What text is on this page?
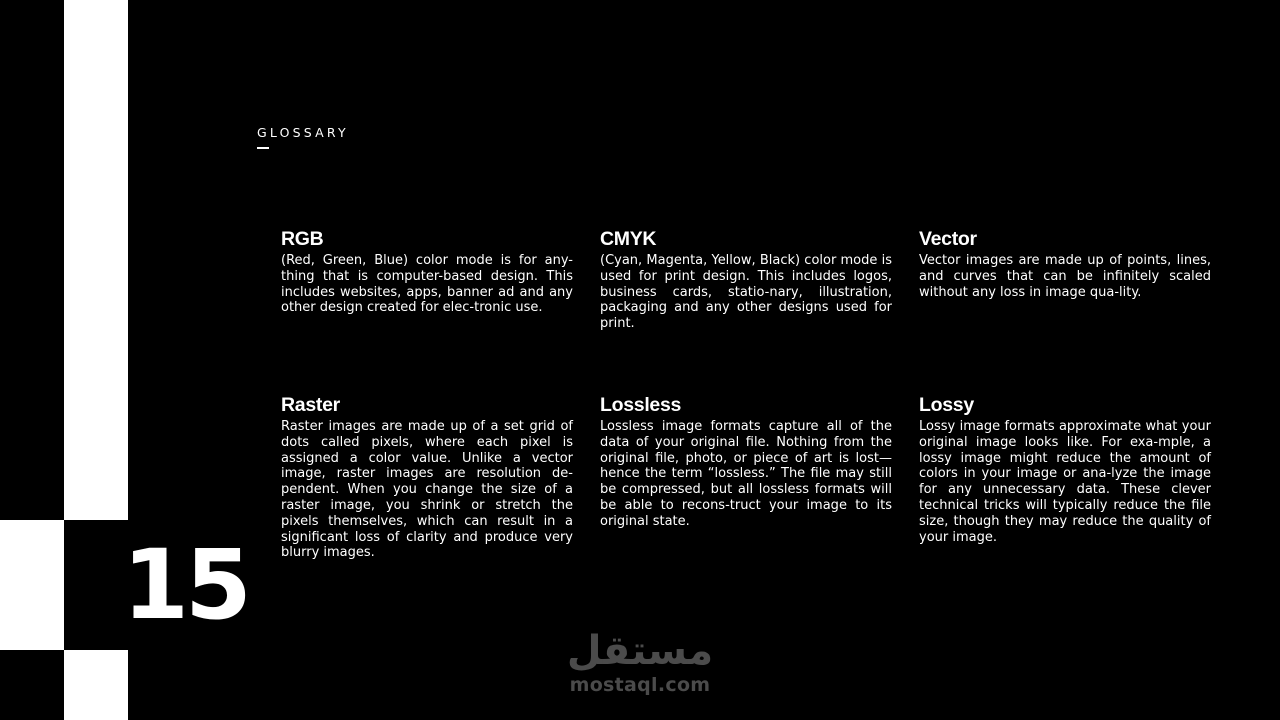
15
GLOSSARY
RGB

(Red, Green, Blue) color mode is for any-thing that is computer-based design. This includes websites, apps, banner ad and any other design created for elec-tronic use.

CMYK

(Cyan, Magenta, Yellow, Black) color mode is used for print design. This includes logos, business cards, statio-nary, illustration, packaging and any other designs used for print.

Vector

Vector images are made up of points, lines, and curves that can be infinitely scaled without any loss in image qua-lity.

Raster

Raster images are made up of a set grid of dots called pixels, where each pixel is assigned a color value. Unlike a vector image, raster images are resolution de-pendent. When you change the size of a raster image, you shrink or stretch the pixels themselves, which can result in a significant loss of clarity and produce very blurry images.

Lossless

Lossless image formats capture all of the data of your original file. Nothing from the original file, photo, or piece of art is lost—hence the term “lossless.” The file may still be compressed, but all lossless formats will be able to recons-truct your image to its original state.

Lossy

Lossy image formats approximate what your original image looks like. For exa-mple, a lossy image might reduce the amount of colors in your image or ana-lyze the image for any unnecessary data. These clever technical tricks will typically reduce the file size, though they may reduce the quality of your image.

مستقل
mostaql.com
